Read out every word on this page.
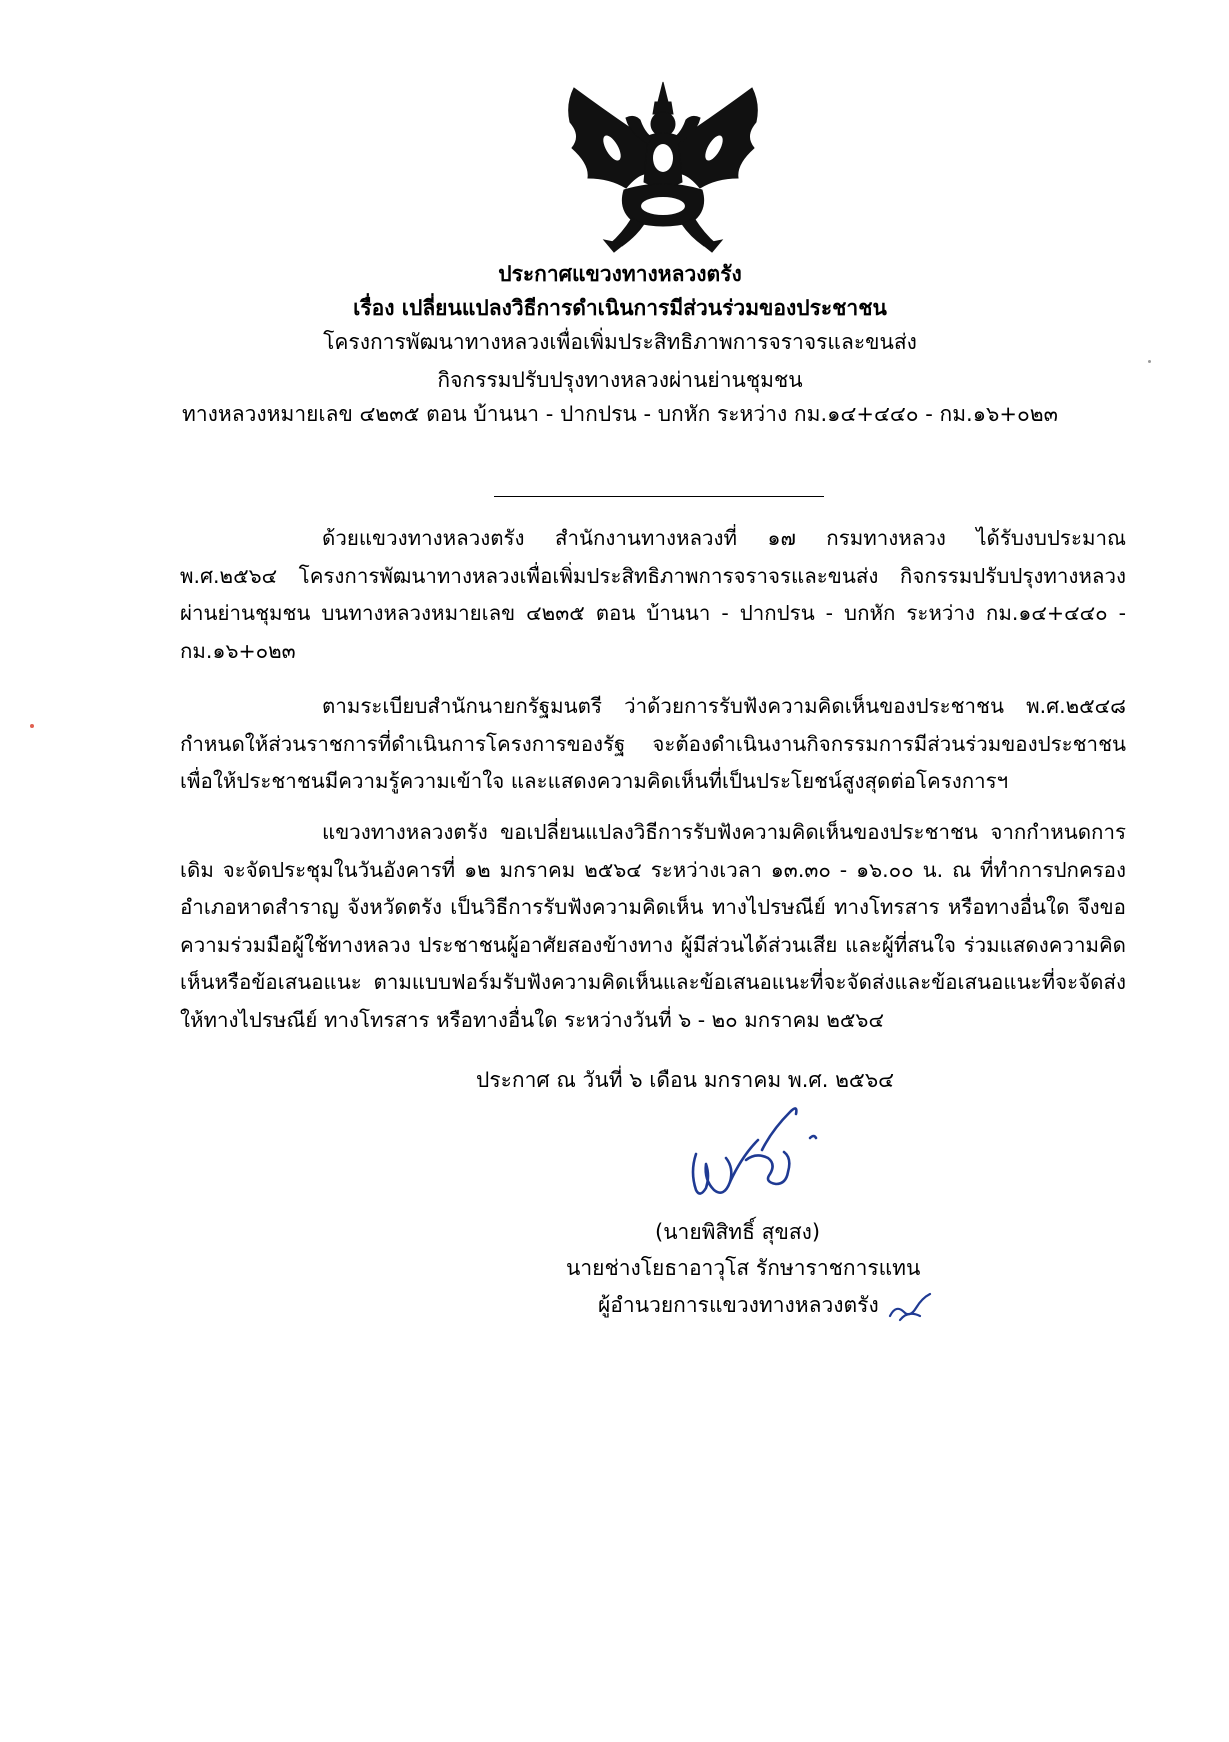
ประกาศแขวงทางหลวงตรัง
เรื่อง เปลี่ยนแปลงวิธีการดำเนินการมีส่วนร่วมของประชาชน
โครงการพัฒนาทางหลวงเพื่อเพิ่มประสิทธิภาพการจราจรและขนส่ง
กิจกรรมปรับปรุงทางหลวงผ่านย่านชุมชน
ทางหลวงหมายเลข ๔๒๓๕ ตอน บ้านนา - ปากปรน - บกหัก ระหว่าง กม.๑๔+๔๔๐ - กม.๑๖+๐๒๓
ด้วยแขวงทางหลวงตรัง สำนักงานทางหลวงที่ ๑๗ กรมทางหลวง ได้รับงบประมาณ พ.ศ.๒๕๖๔ โครงการพัฒนาทางหลวงเพื่อเพิ่มประสิทธิภาพการจราจรและขนส่ง กิจกรรมปรับปรุงทางหลวงผ่านย่านชุมชน บนทางหลวงหมายเลข ๔๒๓๕ ตอน บ้านนา - ปากปรน - บกหัก ระหว่าง กม.๑๔+๔๔๐ - กม.๑๖+๐๒๓
ตามระเบียบสำนักนายกรัฐมนตรี ว่าด้วยการรับฟังความคิดเห็นของประชาชน พ.ศ.๒๕๔๘ กำหนดให้ส่วนราชการที่ดำเนินการโครงการของรัฐ จะต้องดำเนินงานกิจกรรมการมีส่วนร่วมของประชาชน เพื่อให้ประชาชนมีความรู้ความเข้าใจ และแสดงความคิดเห็นที่เป็นประโยชน์สูงสุดต่อโครงการฯ
แขวงทางหลวงตรัง ขอเปลี่ยนแปลงวิธีการรับฟังความคิดเห็นของประชาชน จากกำหนดการเดิม จะจัดประชุมในวันอังคารที่ ๑๒ มกราคม ๒๕๖๔ ระหว่างเวลา ๑๓.๓๐ - ๑๖.๐๐ น. ณ ที่ทำการปกครองอำเภอหาดสำราญ จังหวัดตรัง เป็นวิธีการรับฟังความคิดเห็น ทางไปรษณีย์ ทางโทรสาร หรือทางอื่นใด จึงขอความร่วมมือผู้ใช้ทางหลวง ประชาชนผู้อาศัยสองข้างทาง ผู้มีส่วนได้ส่วนเสีย และผู้ที่สนใจ ร่วมแสดงความคิดเห็นหรือข้อเสนอแนะ ตามแบบฟอร์มรับฟังความคิดเห็นและข้อเสนอแนะที่จะจัดส่งและข้อเสนอแนะที่จะจัดส่งให้ทางไปรษณีย์ ทางโทรสาร หรือทางอื่นใด ระหว่างวันที่ ๖ - ๒๐ มกราคม ๒๕๖๔
ประกาศ ณ วันที่ ๖ เดือน มกราคม พ.ศ. ๒๕๖๔
(นายพิสิทธิ์ สุขสง)
นายช่างโยธาอาวุโส รักษาราชการแทน
ผู้อำนวยการแขวงทางหลวงตรัง
